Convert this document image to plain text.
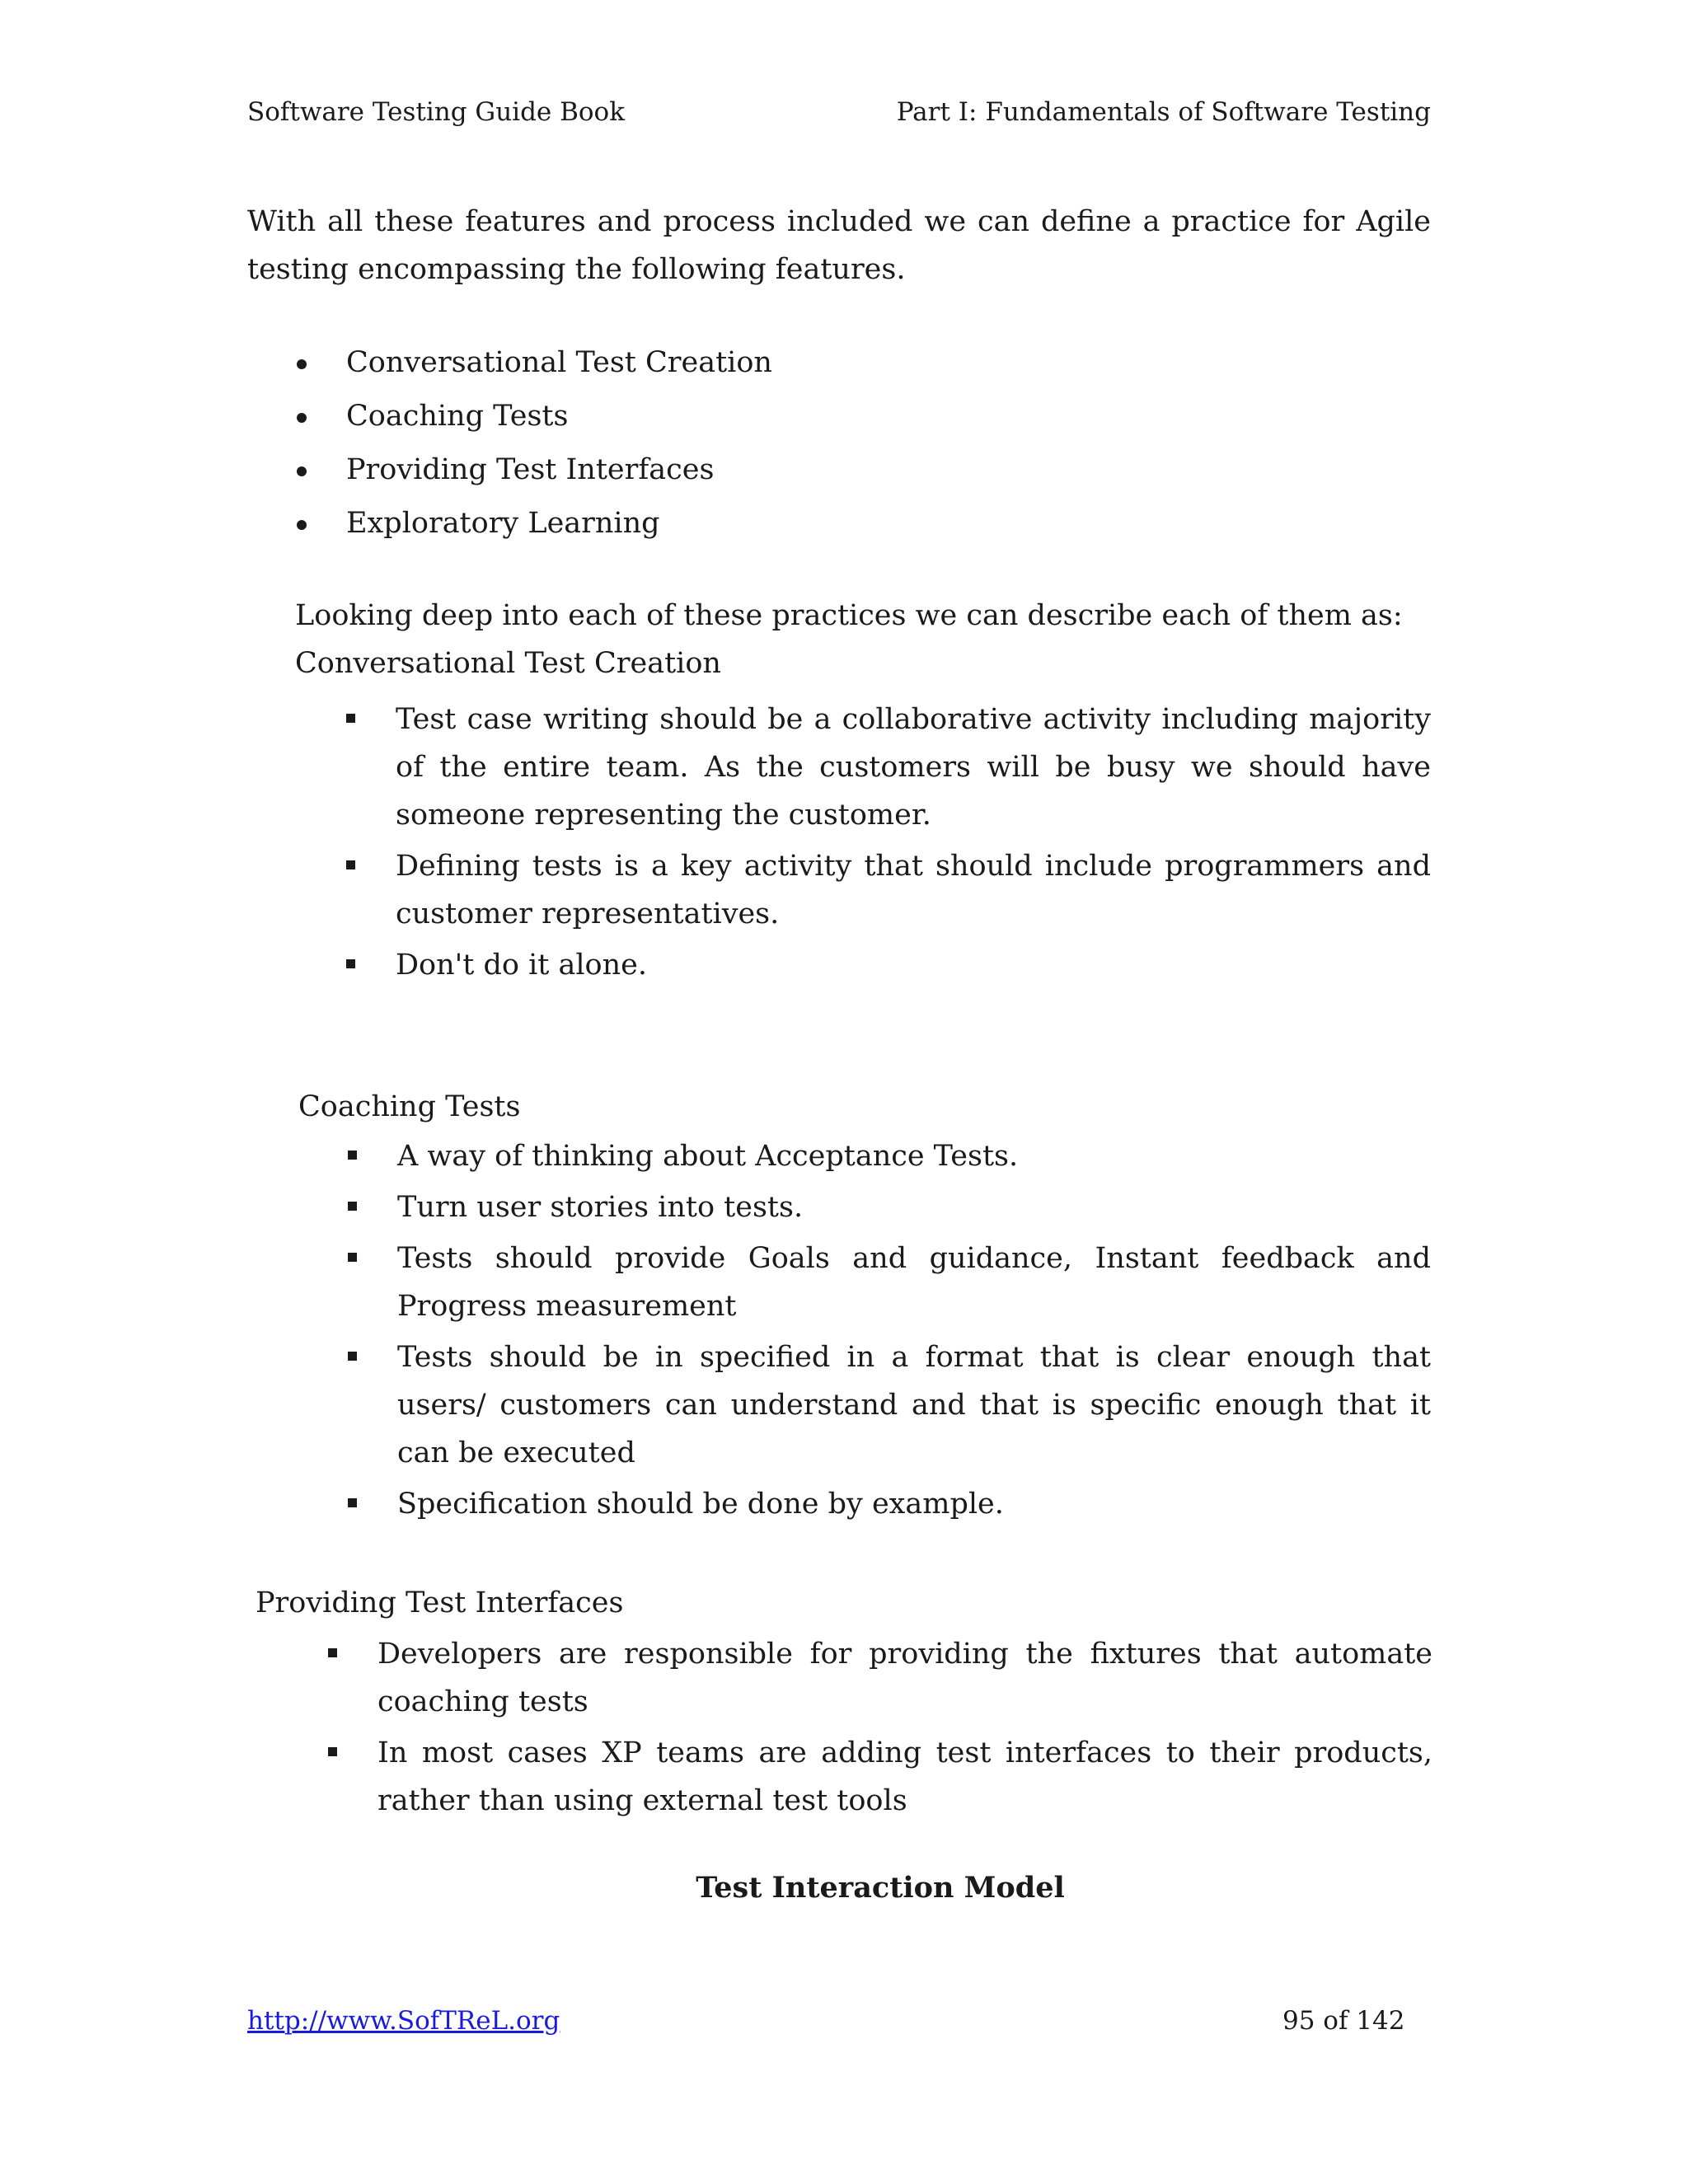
Software Testing Guide Book	Part I: Fundamentals of Software Testing

With all these features and process included we can define a practice for Agile testing encompassing the following features.

Conversational Test Creation
Coaching Tests
Providing Test Interfaces
Exploratory Learning
Looking deep into each of these practices we can describe each of them as:
Conversational Test Creation
Test case writing should be a collaborative activity including majority of the entire team. As the customers will be busy we should have someone representing the customer.
Defining tests is a key activity that should include programmers and customer representatives.
Don't do it alone.
Coaching Tests
A way of thinking about Acceptance Tests.
Turn user stories into tests.
Tests should provide Goals and guidance, Instant feedback and Progress measurement
Tests should be in specified in a format that is clear enough that users/ customers can understand and that is specific enough that it can be executed
Specification should be done by example.
Providing Test Interfaces
Developers are responsible for providing the fixtures that automate coaching tests
In most cases XP teams are adding test interfaces to their products, rather than using external test tools
Test Interaction Model
http://www.SofTReL.org	95 of 142
